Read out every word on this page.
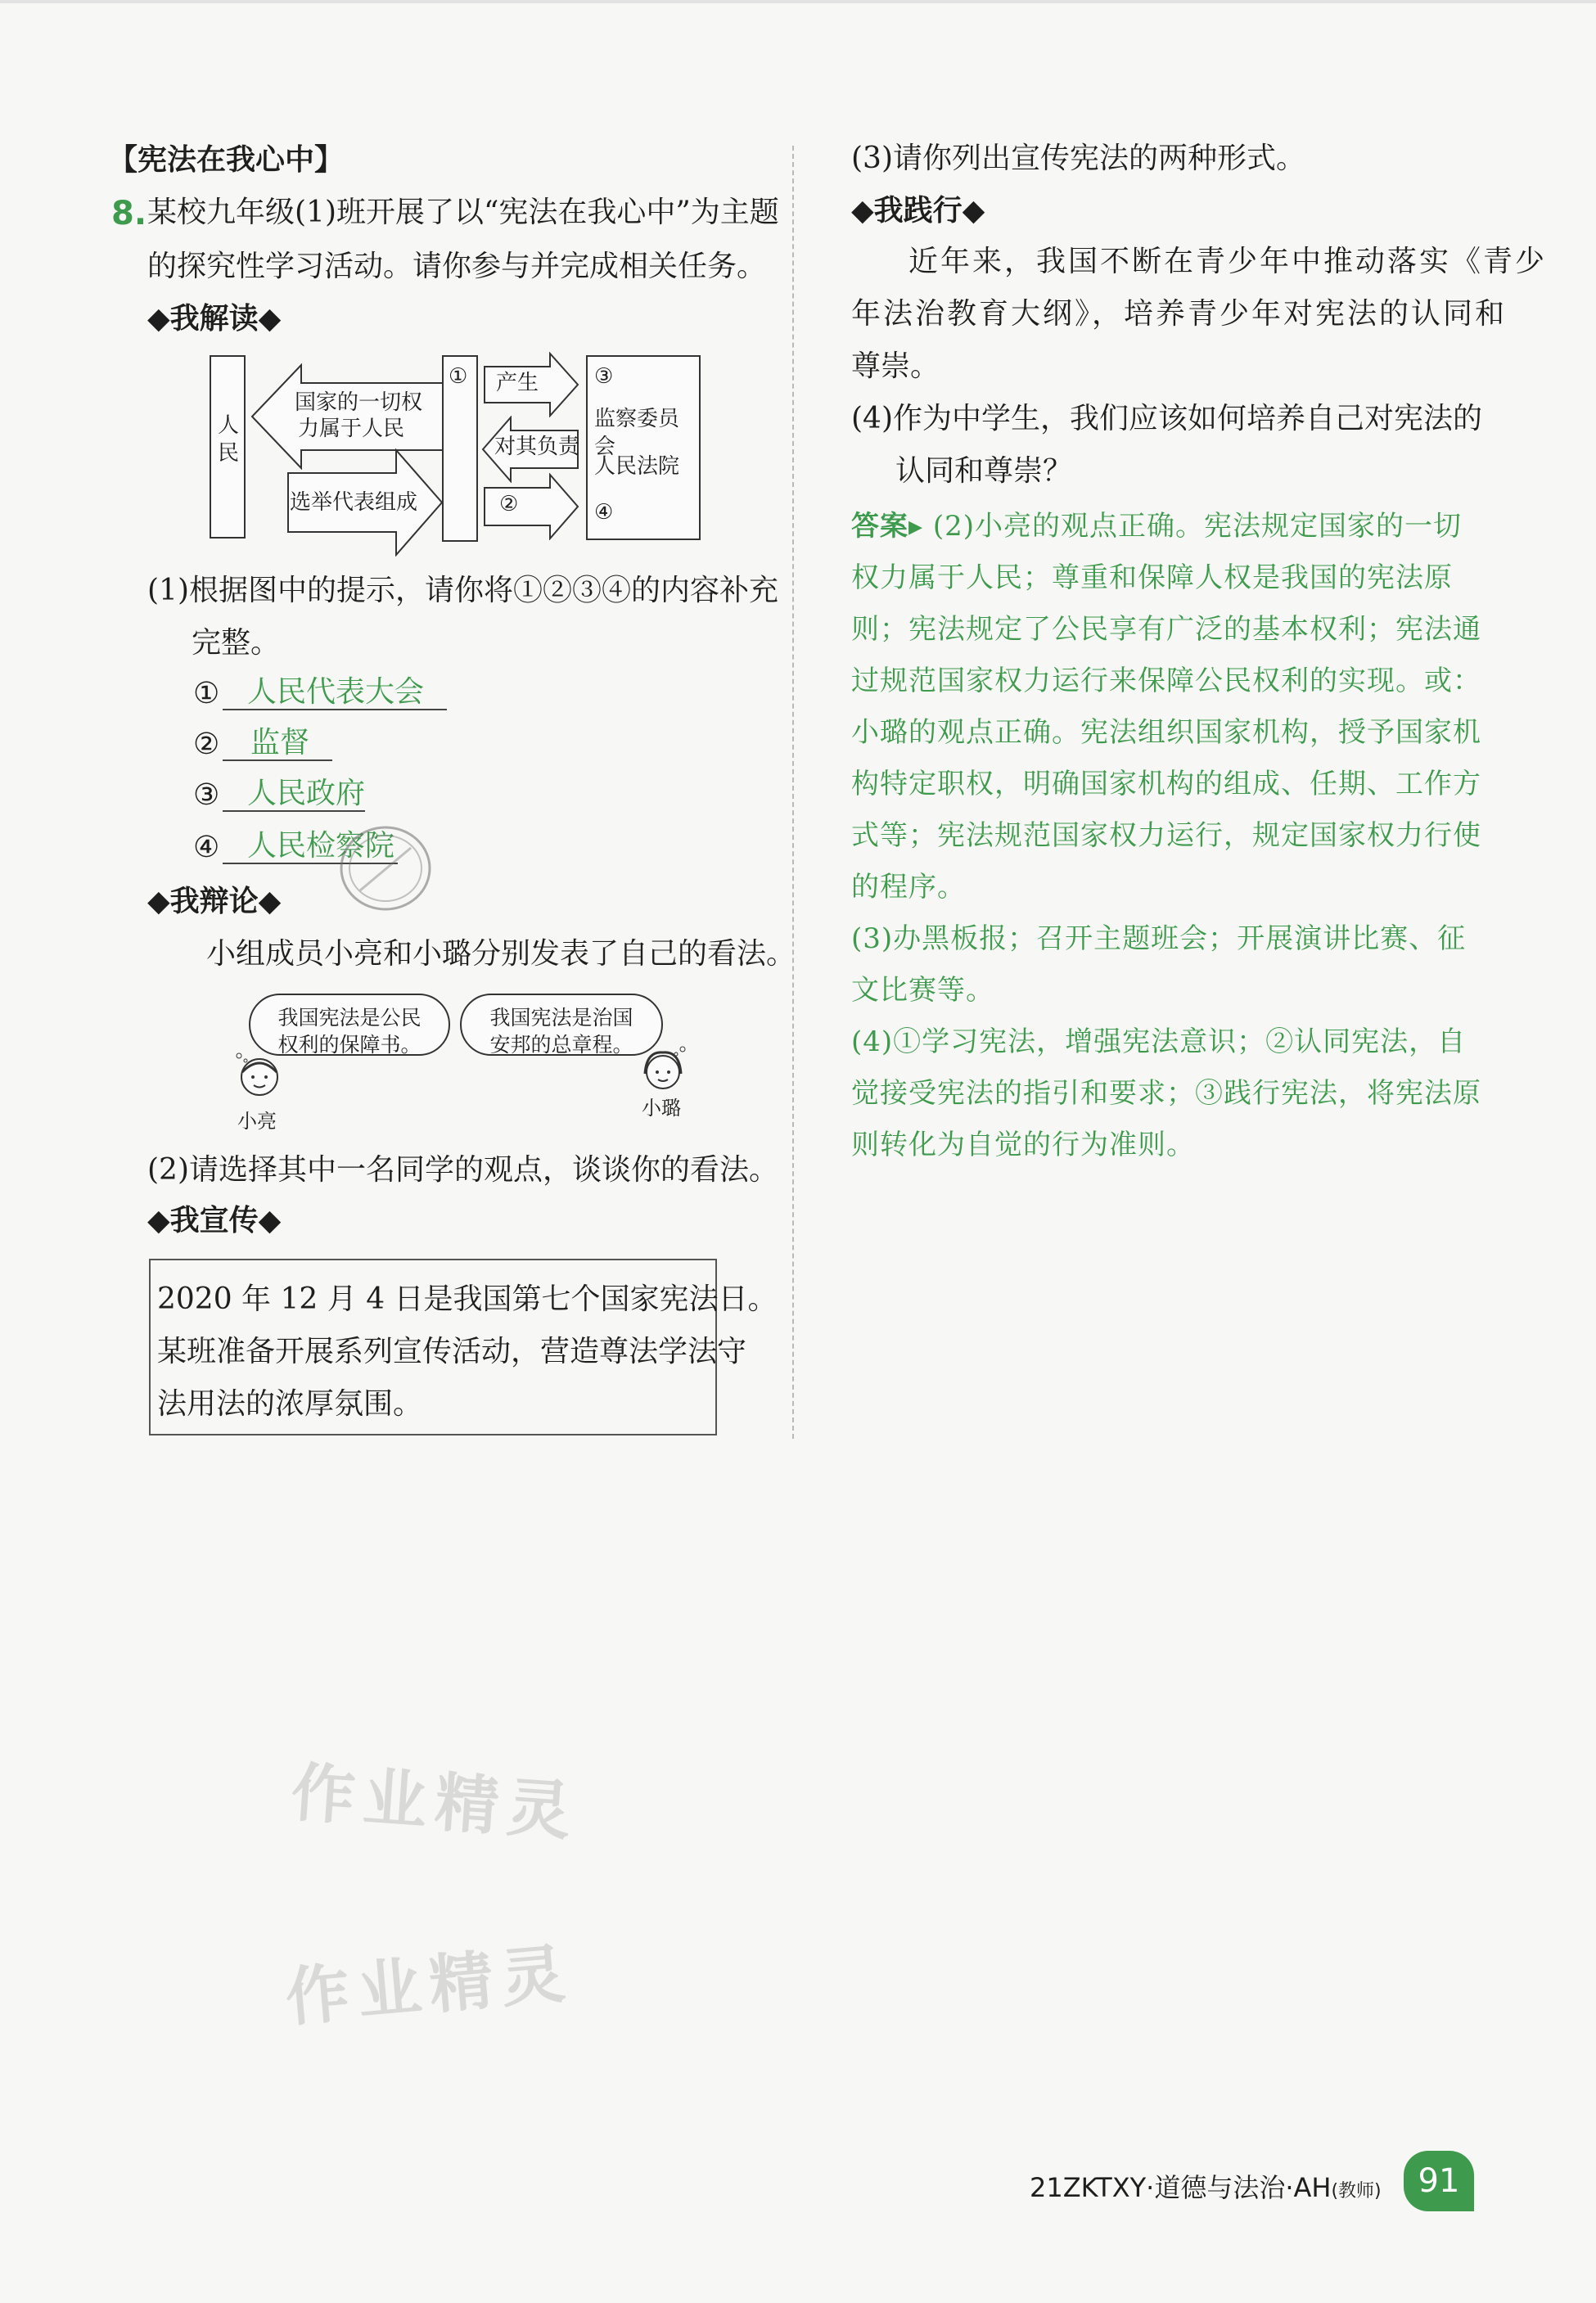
【宪法在我心中】
8. 某校九年级(1)班开展了以“宪法在我心中”为主题
的探究性学习活动。请你参与并完成相关任务。
◆我解读◆
人民
国家的一切权
力属于人民
选举代表组成
① 产生
对其负责
②
③
监察委员会
人民法院
④
(1)根据图中的提示，请你将①②③④的内容补充
完整。
① 人民代表大会
② 监督
③ 人民政府
④ 人民检察院
◆我辩论◆
小组成员小亮和小璐分别发表了自己的看法。
我国宪法是公民
权利的保障书。
我国宪法是治国
安邦的总章程。
小亮
小璐
(2)请选择其中一名同学的观点，谈谈你的看法。
◆我宣传◆
2020 年 12 月 4 日是我国第七个国家宪法日。
某班准备开展系列宣传活动，营造尊法学法守
法用法的浓厚氛围。
(3)请你列出宣传宪法的两种形式。
◆我践行◆
近年来，我国不断在青少年中推动落实《青少
年法治教育大纲》，培养青少年对宪法的认同和
尊崇。
(4)作为中学生，我们应该如何培养自己对宪法的
认同和尊崇？
答案▸ (2)小亮的观点正确。宪法规定国家的一切权力属于人民；尊重和保障人权是我国的宪法原则；宪法规定了公民享有广泛的基本权利；宪法通过规范国家权力运行来保障公民权利的实现。或：小璐的观点正确。宪法组织国家机构，授予国家机构特定职权，明确国家机构的组成、任期、工作方式等；宪法规范国家权力运行，规定国家权力行使的程序。
(3)办黑板报；召开主题班会；开展演讲比赛、征文比赛等。
(4)①学习宪法，增强宪法意识；②认同宪法，自觉接受宪法的指引和要求；③践行宪法，将宪法原则转化为自觉的行为准则。
作业精灵
作业精灵
21ZKTXY·道德与法治·AH(教师)	91
